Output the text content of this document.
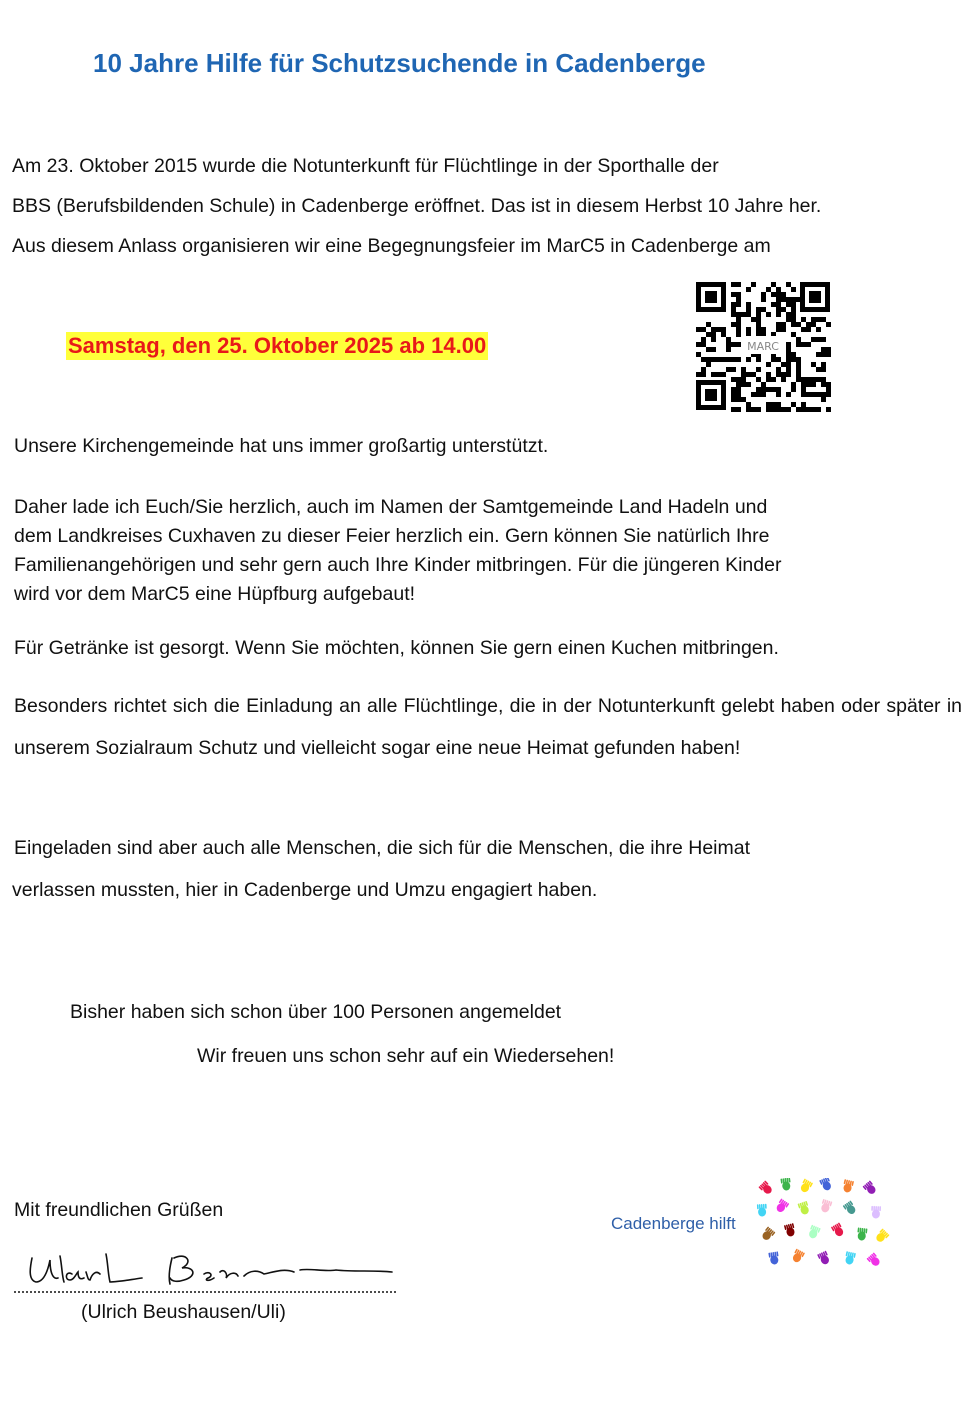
10 Jahre Hilfe für Schutzsuchende in Cadenberge
Am 23. Oktober 2015 wurde die Notunterkunft für Flüchtlinge in der Sporthalle der
BBS (Berufsbildenden Schule) in Cadenberge eröffnet. Das ist in diesem Herbst 10 Jahre her.
Aus diesem Anlass organisieren wir eine Begegnungsfeier im MarC5 in Cadenberge am
Samstag, den 25. Oktober 2025 ab 14.00	MARC
Unsere Kirchengemeinde hat uns immer großartig unterstützt.
Daher lade ich Euch/Sie herzlich, auch im Namen der Samtgemeinde Land Hadeln und
dem Landkreises Cuxhaven zu dieser Feier herzlich ein. Gern können Sie natürlich Ihre
Familienangehörigen und sehr gern auch Ihre Kinder mitbringen. Für die jüngeren Kinder
wird vor dem MarC5 eine Hüpfburg aufgebaut!
Für Getränke ist gesorgt. Wenn Sie möchten, können Sie gern einen Kuchen mitbringen.
Besonders richtet sich die Einladung an alle Flüchtlinge, die in der Notunterkunft gelebt haben oder später in unserem Sozialraum Schutz und vielleicht sogar eine neue Heimat gefunden haben!
Eingeladen sind aber auch alle Menschen, die sich für die Menschen, die ihre Heimat
verlassen mussten, hier in Cadenberge und Umzu engagiert haben.
Bisher haben sich schon über 100 Personen angemeldet
Wir freuen uns schon sehr auf ein Wiedersehen!
Mit freundlichen Grüßen
(Ulrich Beushausen/Uli)
Cadenberge hilft
